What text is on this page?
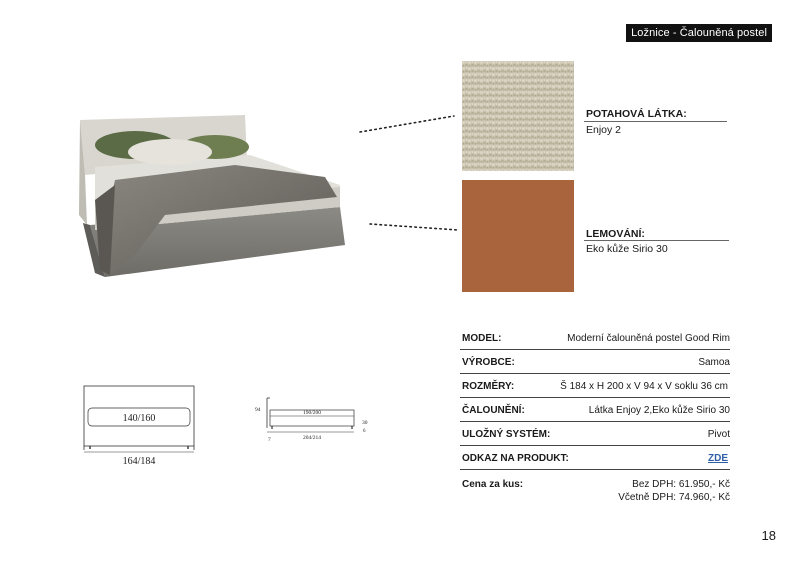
Ložnice - Čalouněná postel
POTAHOVÁ LÁTKA:
Enjoy 2
LEMOVÁNÍ:
Eko kůže Sirio 30
MODEL:	Moderní čalouněná postel Good Rim
VÝROBCE:	Samoa
ROZMĚRY:	Š 184 x H 200 x V 94 x V soklu 36 cm
ČALOUNĚNÍ:	Látka Enjoy 2,Eko kůže Sirio 30
ULOŽNÝ SYSTÉM:	Pivot
ODKAZ NA PRODUKT:	ZDE
Cena za kus:	Bez DPH: 61.950,- Kč
Včetně DPH: 74.960,- Kč
140/160
164/184
94	190/200
30
6
7	204/214
18
